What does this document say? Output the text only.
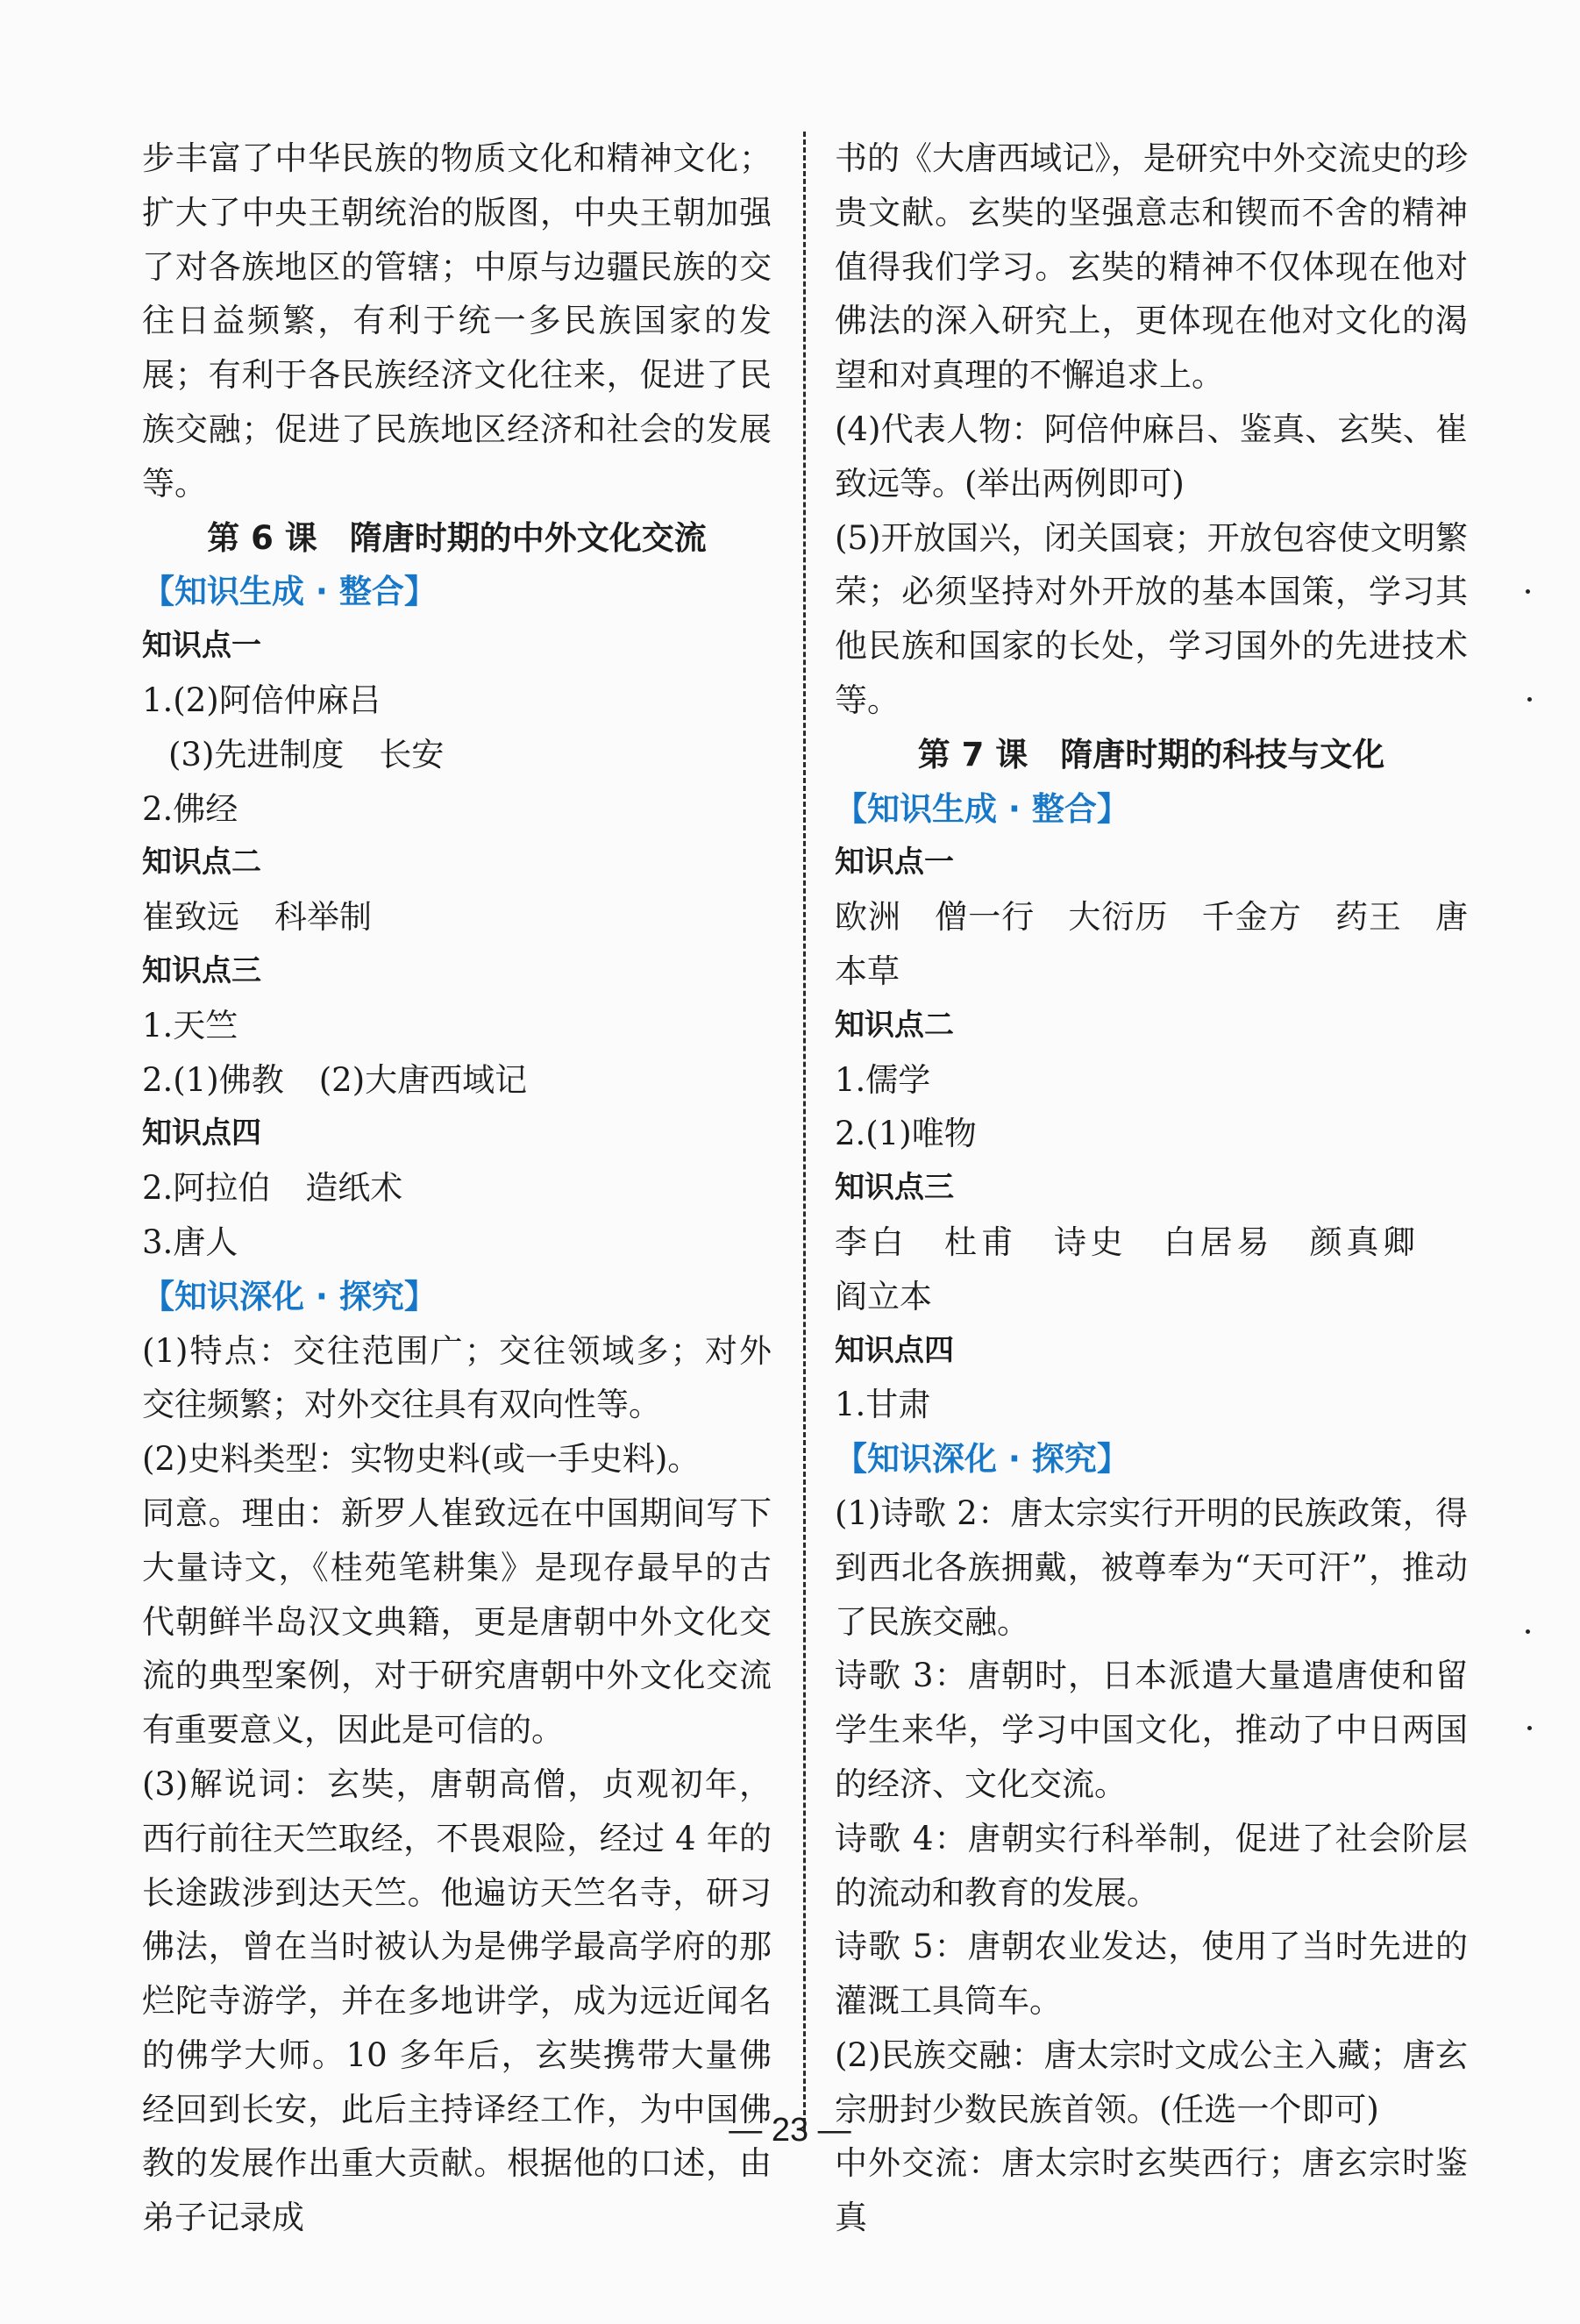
步丰富了中华民族的物质文化和精神文化；扩大了中央王朝统治的版图，中央王朝加强了对各族地区的管辖；中原与边疆民族的交往日益频繁，有利于统一多民族国家的发展；有利于各民族经济文化往来，促进了民族交融；促进了民族地区经济和社会的发展等。

第 6 课　隋唐时期的中外文化交流

【知识生成 · 整合】

知识点一

1.(2)阿倍仲麻吕

(3)先进制度 长安

2.佛经

知识点二

崔致远 科举制

知识点三

1.天竺

2.(1)佛教 (2)大唐西域记

知识点四

2.阿拉伯 造纸术

3.唐人

【知识深化 · 探究】

(1)特点：交往范围广；交往领域多；对外交往频繁；对外交往具有双向性等。

(2)史料类型：实物史料(或一手史料)。

同意。理由：新罗人崔致远在中国期间写下大量诗文，《桂苑笔耕集》是现存最早的古代朝鲜半岛汉文典籍，更是唐朝中外文化交流的典型案例，对于研究唐朝中外文化交流有重要意义，因此是可信的。

(3)解说词：玄奘，唐朝高僧，贞观初年，西行前往天竺取经，不畏艰险，经过 4 年的长途跋涉到达天竺。他遍访天竺名寺，研习佛法，曾在当时被认为是佛学最高学府的那烂陀寺游学，并在多地讲学，成为远近闻名的佛学大师。10 多年后，玄奘携带大量佛经回到长安，此后主持译经工作，为中国佛教的发展作出重大贡献。根据他的口述，由弟子记录成

书的《大唐西域记》，是研究中外交流史的珍贵文献。玄奘的坚强意志和锲而不舍的精神值得我们学习。玄奘的精神不仅体现在他对佛法的深入研究上，更体现在他对文化的渴望和对真理的不懈追求上。

(4)代表人物：阿倍仲麻吕、鉴真、玄奘、崔致远等。(举出两例即可)

(5)开放国兴，闭关国衰；开放包容使文明繁荣；必须坚持对外开放的基本国策，学习其他民族和国家的长处，学习国外的先进技术等。

第 7 课　隋唐时期的科技与文化

【知识生成 · 整合】

知识点一

欧洲　僧一行　大衍历　千金方　药王　唐本草

知识点二

1.儒学

2.(1)唯物

知识点三

李白　杜甫　诗史　白居易　颜真卿　阎立本

知识点四

1.甘肃

【知识深化 · 探究】

(1)诗歌 2：唐太宗实行开明的民族政策，得到西北各族拥戴，被尊奉为“天可汗”，推动了民族交融。

诗歌 3：唐朝时，日本派遣大量遣唐使和留学生来华，学习中国文化，推动了中日两国的经济、文化交流。

诗歌 4：唐朝实行科举制，促进了社会阶层的流动和教育的发展。

诗歌 5：唐朝农业发达，使用了当时先进的灌溉工具筒车。

(2)民族交融：唐太宗时文成公主入藏；唐玄宗册封少数民族首领。(任选一个即可)

中外交流：唐太宗时玄奘西行；唐玄宗时鉴真

— 23 —
